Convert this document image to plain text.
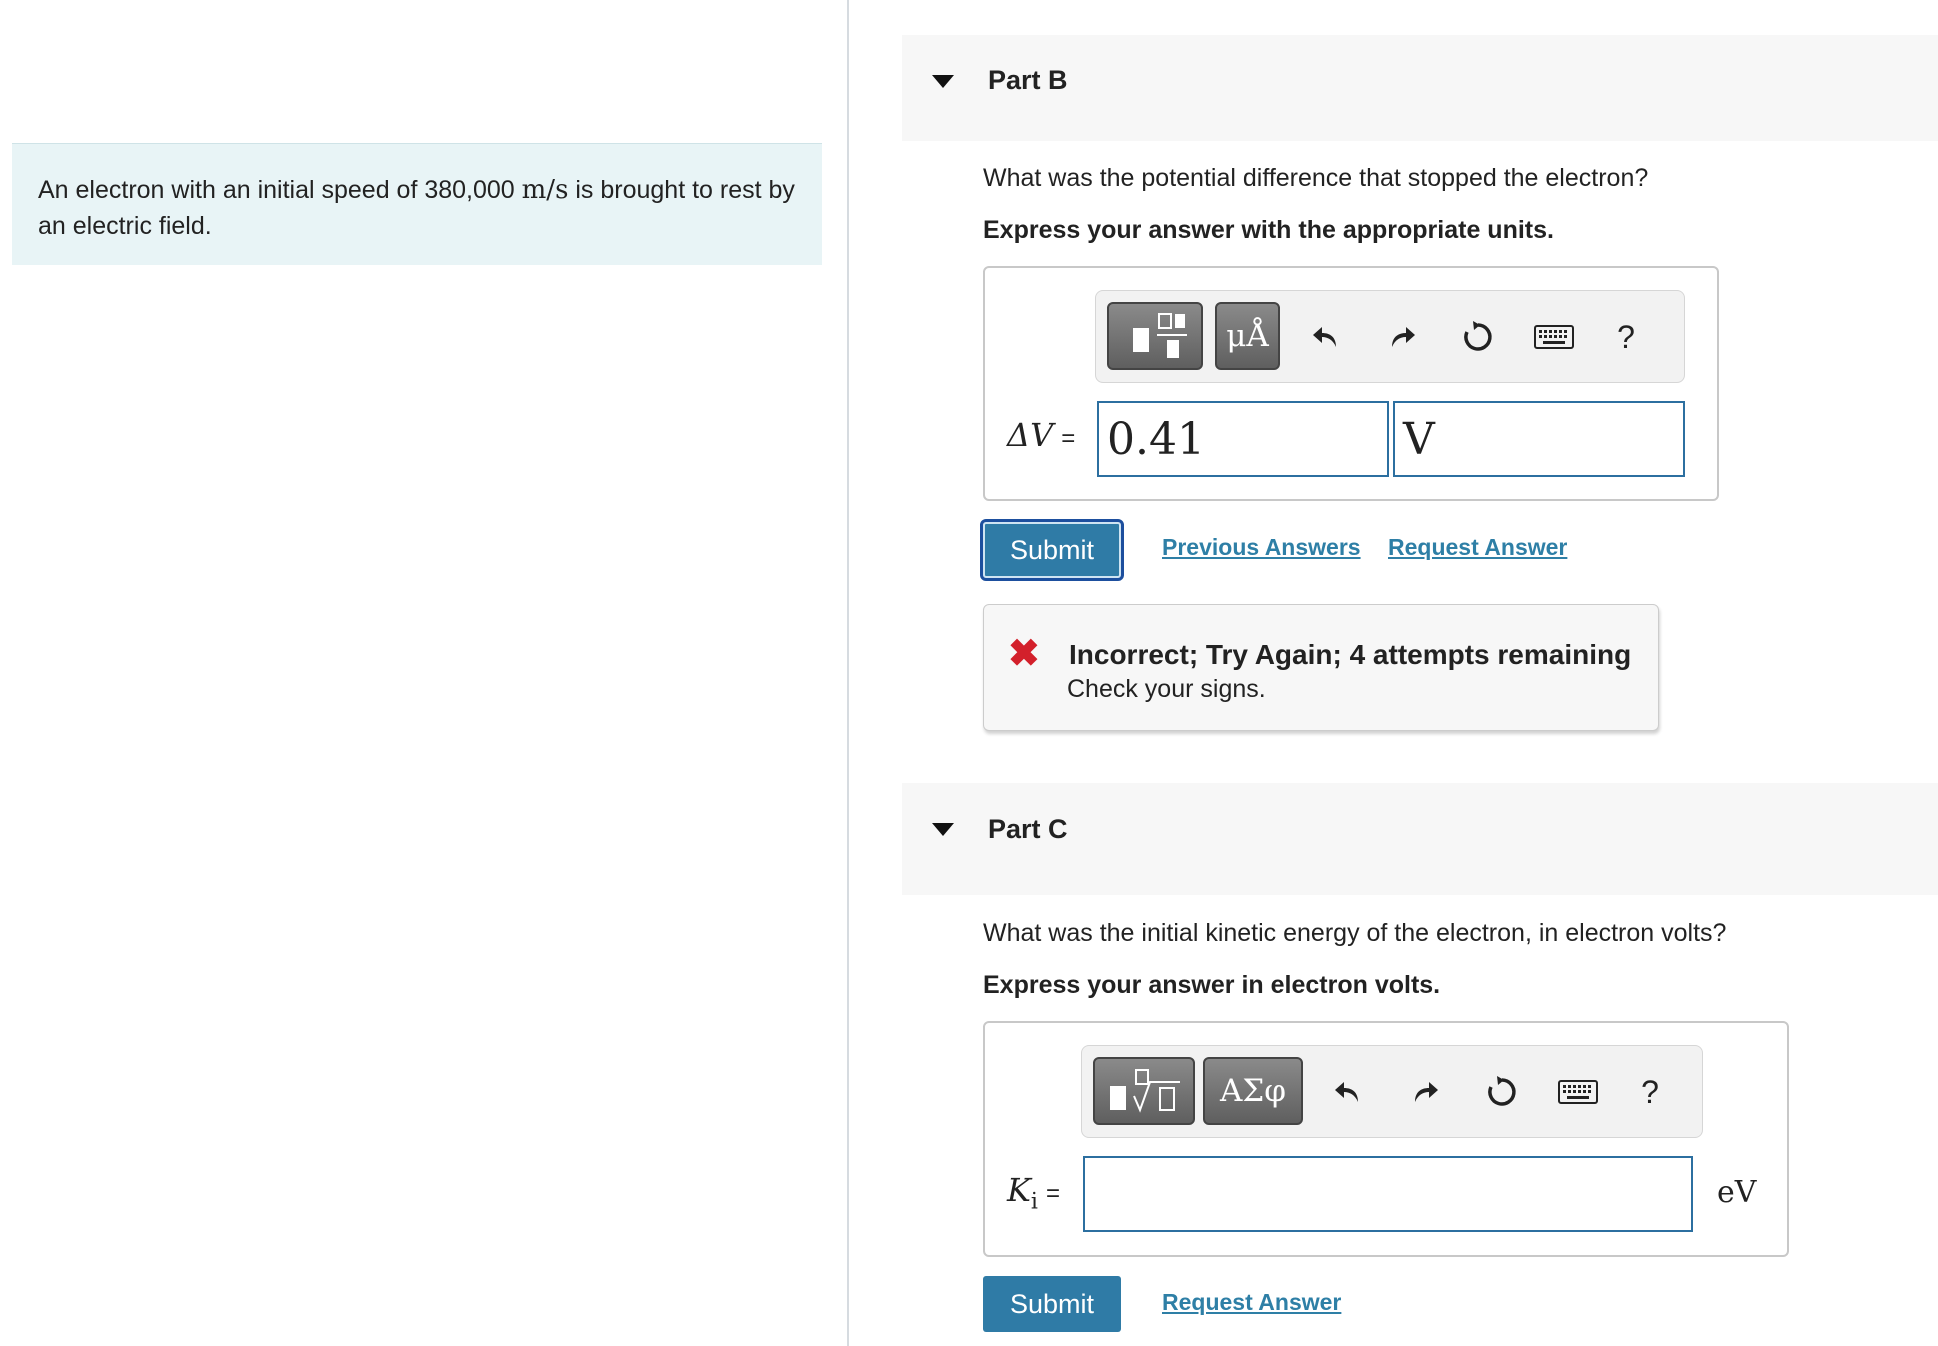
An electron with an initial speed of 380,000 m/s is brought to rest by an electric field.
Part B
What was the potential difference that stopped the electron?
Express your answer with the appropriate units.
μÅ	?
ΔV = 0.41	V
Submit	Previous Answers Request Answer
✖ Incorrect; Try Again; 4 attempts remaining
Check your signs.
Part C
What was the initial kinetic energy of the electron, in electron volts?
Express your answer in electron volts.
ΑΣφ	?
$K_i$ =	eV
Submit	Request Answer
